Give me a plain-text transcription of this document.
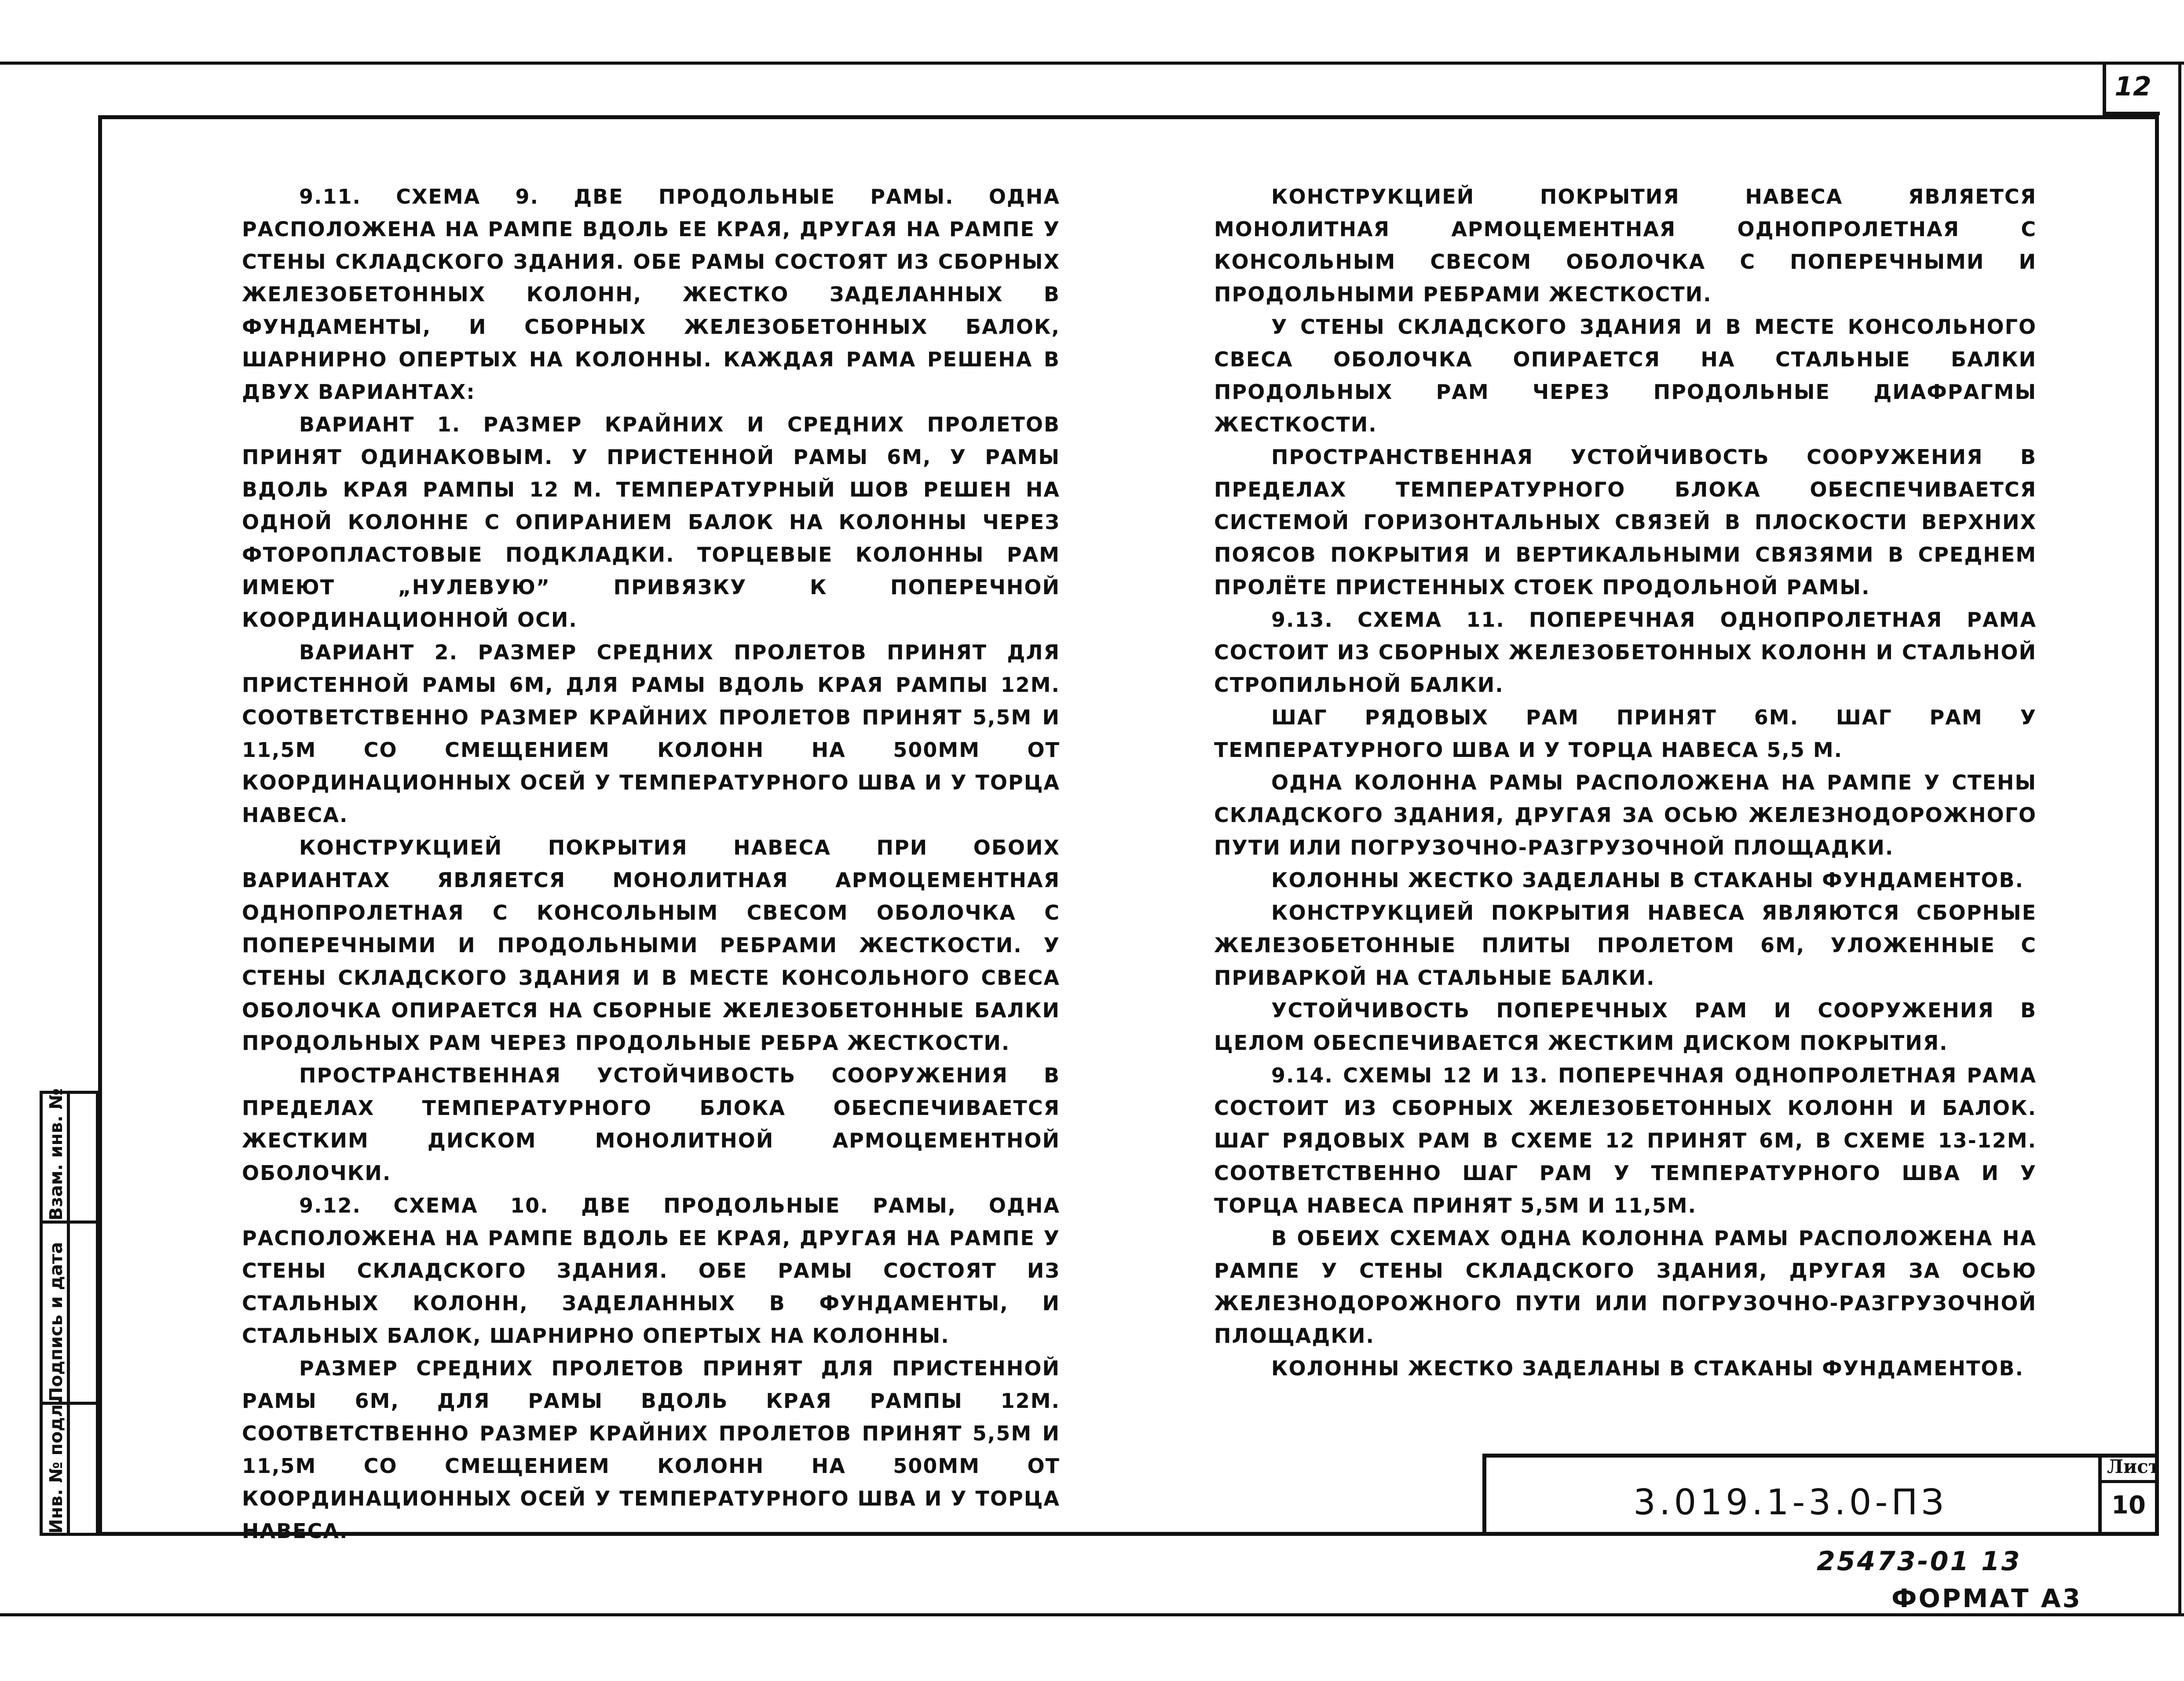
12

9.11. СХЕМА 9. ДВЕ ПРОДОЛЬНЫЕ РАМЫ. ОДНА РАСПОЛОЖЕНА НА РАМПЕ ВДОЛЬ ЕЕ КРАЯ, ДРУГАЯ НА РАМПЕ У СТЕНЫ СКЛАДСКОГО ЗДАНИЯ. ОБЕ РАМЫ СОСТОЯТ ИЗ СБОРНЫХ ЖЕЛЕЗОБЕТОННЫХ КОЛОНН, ЖЕСТКО ЗАДЕЛАННЫХ В ФУНДАМЕНТЫ, И СБОРНЫХ ЖЕЛЕЗОБЕТОННЫХ БАЛОК, ШАРНИРНО ОПЕРТЫХ НА КОЛОННЫ. КАЖДАЯ РАМА РЕШЕНА В ДВУХ ВАРИАНТАХ:

ВАРИАНТ 1. РАЗМЕР КРАЙНИХ И СРЕДНИХ ПРОЛЕТОВ ПРИНЯТ ОДИНАКОВЫМ. У ПРИСТЕННОЙ РАМЫ 6М, У РАМЫ ВДОЛЬ КРАЯ РАМПЫ 12 М. ТЕМПЕРАТУРНЫЙ ШОВ РЕШЕН НА ОДНОЙ КОЛОННЕ С ОПИРАНИЕМ БАЛОК НА КОЛОННЫ ЧЕРЕЗ ФТОРОПЛАСТОВЫЕ ПОДКЛАДКИ. ТОРЦЕВЫЕ КОЛОННЫ РАМ ИМЕЮТ „НУЛЕВУЮ” ПРИВЯЗКУ К ПОПЕРЕЧНОЙ КООРДИНАЦИОННОЙ ОСИ.

ВАРИАНТ 2. РАЗМЕР СРЕДНИХ ПРОЛЕТОВ ПРИНЯТ ДЛЯ ПРИСТЕННОЙ РАМЫ 6М, ДЛЯ РАМЫ ВДОЛЬ КРАЯ РАМПЫ 12М. СООТВЕТСТВЕННО РАЗМЕР КРАЙНИХ ПРОЛЕТОВ ПРИНЯТ 5,5М И 11,5М СО СМЕЩЕНИЕМ КОЛОНН НА 500ММ ОТ КООРДИНАЦИОННЫХ ОСЕЙ У ТЕМПЕРАТУРНОГО ШВА И У ТОРЦА НАВЕСА.

КОНСТРУКЦИЕЙ ПОКРЫТИЯ НАВЕСА ПРИ ОБОИХ ВАРИАНТАХ ЯВЛЯЕТСЯ МОНОЛИТНАЯ АРМОЦЕМЕНТНАЯ ОДНОПРОЛЕТНАЯ С КОНСОЛЬНЫМ СВЕСОМ ОБОЛОЧКА С ПОПЕРЕЧНЫМИ И ПРОДОЛЬНЫМИ РЕБРАМИ ЖЕСТКОСТИ. У СТЕНЫ СКЛАДСКОГО ЗДАНИЯ И В МЕСТЕ КОНСОЛЬНОГО СВЕСА ОБОЛОЧКА ОПИРАЕТСЯ НА СБОРНЫЕ ЖЕЛЕЗОБЕТОННЫЕ БАЛКИ ПРОДОЛЬНЫХ РАМ ЧЕРЕЗ ПРОДОЛЬНЫЕ РЕБРА ЖЕСТКОСТИ.

ПРОСТРАНСТВЕННАЯ УСТОЙЧИВОСТЬ СООРУЖЕНИЯ В ПРЕДЕЛАХ ТЕМПЕРАТУРНОГО БЛОКА ОБЕСПЕЧИВАЕТСЯ ЖЕСТКИМ ДИСКОМ МОНОЛИТНОЙ АРМОЦЕМЕНТНОЙ ОБОЛОЧКИ.

9.12. СХЕМА 10. ДВЕ ПРОДОЛЬНЫЕ РАМЫ, ОДНА РАСПОЛОЖЕНА НА РАМПЕ ВДОЛЬ ЕЕ КРАЯ, ДРУГАЯ НА РАМПЕ У СТЕНЫ СКЛАДСКОГО ЗДАНИЯ. ОБЕ РАМЫ СОСТОЯТ ИЗ СТАЛЬНЫХ КОЛОНН, ЗАДЕЛАННЫХ В ФУНДАМЕНТЫ, И СТАЛЬНЫХ БАЛОК, ШАРНИРНО ОПЕРТЫХ НА КОЛОННЫ.

РАЗМЕР СРЕДНИХ ПРОЛЕТОВ ПРИНЯТ ДЛЯ ПРИСТЕННОЙ РАМЫ 6М, ДЛЯ РАМЫ ВДОЛЬ КРАЯ РАМПЫ 12М. СООТВЕТСТВЕННО РАЗМЕР КРАЙНИХ ПРОЛЕТОВ ПРИНЯТ 5,5М И 11,5М СО СМЕЩЕНИЕМ КОЛОНН НА 500ММ ОТ КООРДИНАЦИОННЫХ ОСЕЙ У ТЕМПЕРАТУРНОГО ШВА И У ТОРЦА НАВЕСА.

КОНСТРУКЦИЕЙ ПОКРЫТИЯ НАВЕСА ЯВЛЯЕТСЯ МОНОЛИТНАЯ АРМОЦЕМЕНТНАЯ ОДНОПРОЛЕТНАЯ С КОНСОЛЬНЫМ СВЕСОМ ОБОЛОЧКА С ПОПЕРЕЧНЫМИ И ПРОДОЛЬНЫМИ РЕБРАМИ ЖЕСТКОСТИ.

У СТЕНЫ СКЛАДСКОГО ЗДАНИЯ И В МЕСТЕ КОНСОЛЬНОГО СВЕСА ОБОЛОЧКА ОПИРАЕТСЯ НА СТАЛЬНЫЕ БАЛКИ ПРОДОЛЬНЫХ РАМ ЧЕРЕЗ ПРОДОЛЬНЫЕ ДИАФРАГМЫ ЖЕСТКОСТИ.

ПРОСТРАНСТВЕННАЯ УСТОЙЧИВОСТЬ СООРУЖЕНИЯ В ПРЕДЕЛАХ ТЕМПЕРАТУРНОГО БЛОКА ОБЕСПЕЧИВАЕТСЯ СИСТЕМОЙ ГОРИЗОНТАЛЬНЫХ СВЯЗЕЙ В ПЛОСКОСТИ ВЕРХНИХ ПОЯСОВ ПОКРЫТИЯ И ВЕРТИКАЛЬНЫМИ СВЯЗЯМИ В СРЕДНЕМ ПРОЛЁТЕ ПРИСТЕННЫХ СТОЕК ПРОДОЛЬНОЙ РАМЫ.

9.13. СХЕМА 11. ПОПЕРЕЧНАЯ ОДНОПРОЛЕТНАЯ РАМА СОСТОИТ ИЗ СБОРНЫХ ЖЕЛЕЗОБЕТОННЫХ КОЛОНН И СТАЛЬНОЙ СТРОПИЛЬНОЙ БАЛКИ.

ШАГ РЯДОВЫХ РАМ ПРИНЯТ 6М. ШАГ РАМ У ТЕМПЕРАТУРНОГО ШВА И У ТОРЦА НАВЕСА 5,5 М.

ОДНА КОЛОННА РАМЫ РАСПОЛОЖЕНА НА РАМПЕ У СТЕНЫ СКЛАДСКОГО ЗДАНИЯ, ДРУГАЯ ЗА ОСЬЮ ЖЕЛЕЗНОДОРОЖНОГО ПУТИ ИЛИ ПОГРУЗОЧНО-РАЗГРУЗОЧНОЙ ПЛОЩАДКИ.

КОЛОННЫ ЖЕСТКО ЗАДЕЛАНЫ В СТАКАНЫ ФУНДАМЕНТОВ.

КОНСТРУКЦИЕЙ ПОКРЫТИЯ НАВЕСА ЯВЛЯЮТСЯ СБОРНЫЕ ЖЕЛЕЗОБЕТОННЫЕ ПЛИТЫ ПРОЛЕТОМ 6М, УЛОЖЕННЫЕ С ПРИВАРКОЙ НА СТАЛЬНЫЕ БАЛКИ.

УСТОЙЧИВОСТЬ ПОПЕРЕЧНЫХ РАМ И СООРУЖЕНИЯ В ЦЕЛОМ ОБЕСПЕЧИВАЕТСЯ ЖЕСТКИМ ДИСКОМ ПОКРЫТИЯ.

9.14. СХЕМЫ 12 И 13. ПОПЕРЕЧНАЯ ОДНОПРОЛЕТНАЯ РАМА СОСТОИТ ИЗ СБОРНЫХ ЖЕЛЕЗОБЕТОННЫХ КОЛОНН И БАЛОК. ШАГ РЯДОВЫХ РАМ В СХЕМЕ 12 ПРИНЯТ 6М, В СХЕМЕ 13-12М. СООТВЕТСТВЕННО ШАГ РАМ У ТЕМПЕРАТУРНОГО ШВА И У ТОРЦА НАВЕСА ПРИНЯТ 5,5М И 11,5М.

В ОБЕИХ СХЕМАХ ОДНА КОЛОННА РАМЫ РАСПОЛОЖЕНА НА РАМПЕ У СТЕНЫ СКЛАДСКОГО ЗДАНИЯ, ДРУГАЯ ЗА ОСЬЮ ЖЕЛЕЗНОДОРОЖНОГО ПУТИ ИЛИ ПОГРУЗОЧНО-РАЗГРУЗОЧНОЙ ПЛОЩАДКИ.

КОЛОННЫ ЖЕСТКО ЗАДЕЛАНЫ В СТАКАНЫ ФУНДАМЕНТОВ.

Взам. инв. №
Подпись и дата
Инв. № подл.	3.019.1-3.0-ПЗ
Лист
10
25473-01 13
ФОРМАТ А3
